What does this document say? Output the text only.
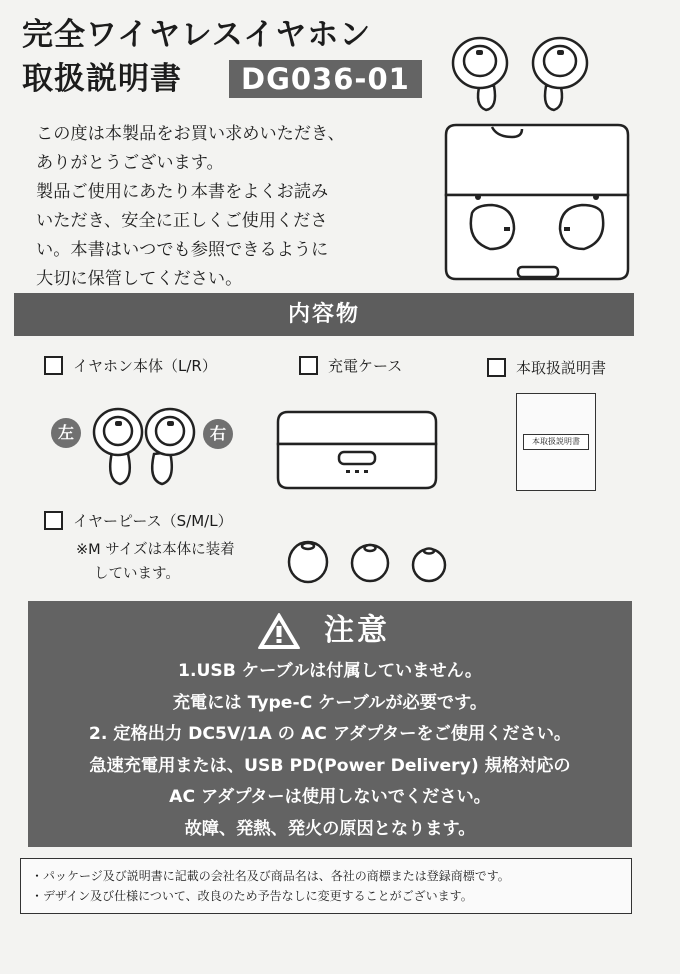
完全ワイヤレスイヤホン
取扱説明書	DG036-01
この度は本製品をお買い求めいただき、
ありがとうございます。
製品ご使用にあたり本書をよくお読み
いただき、安全に正しくご使用くださ
い。本書はいつでも参照できるように
大切に保管してください。
内容物
イヤホン本体（L/R）	充電ケース	本取扱説明書
左	右	本取扱説明書
イヤーピース（S/M/L）
※M サイズは本体に装着
しています。
注意
1.USB ケーブルは付属していません。
充電には Type-C ケーブルが必要です。
2. 定格出力 DC5V/1A の AC アダプターをご使用ください。
急速充電用または、USB PD(Power Delivery) 規格対応の
AC アダプターは使用しないでください。
故障、発熱、発火の原因となります。
・パッケージ及び説明書に記載の会社名及び商品名は、各社の商標または登録商標です。
・デザイン及び仕様について、改良のため予告なしに変更することがございます。
